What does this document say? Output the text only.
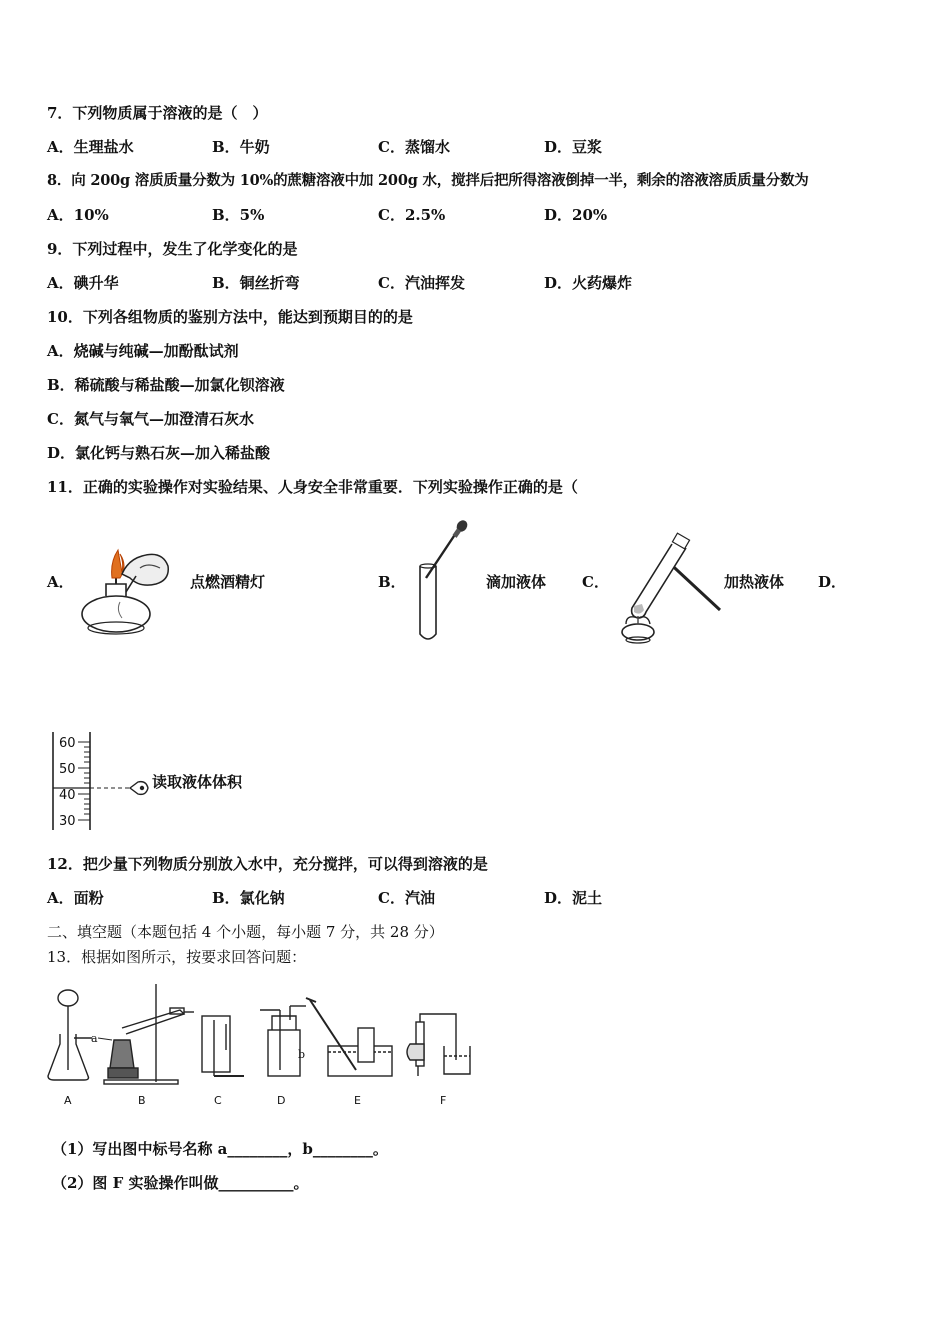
7．下列物质属于溶液的是（　）
A．生理盐水	B．牛奶	C．蒸馏水	D．豆浆
8．向 200g 溶质质量分数为 10%的蔗糖溶液中加 200g 水，搅拌后把所得溶液倒掉一半，剩余的溶液溶质质量分数为
A．10%	B．5%	C．2.5%	D．20%
9．下列过程中，发生了化学变化的是
A．碘升华	B．铜丝折弯	C．汽油挥发	D．火药爆炸
10．下列各组物质的鉴别方法中，能达到预期目的的是
A．烧碱与纯碱—加酚酞试剂
B．稀硫酸与稀盐酸—加氯化钡溶液
C．氮气与氧气—加澄清石灰水
D．氯化钙与熟石灰—加入稀盐酸
11．正确的实验操作对实验结果、人身安全非常重要．下列实验操作正确的是（
A．	点燃酒精灯	B．	滴加液体 C．	加热液体 D．
60
50
40
30
读取液体体积
12．把少量下列物质分别放入水中，充分搅拌，可以得到溶液的是
A．面粉	B．氯化钠	C．汽油	D．泥土
二、填空题（本题包括 4 个小题，每小题 7 分，共 28 分）
13．根据如图所示，按要求回答问题：
a
b
A	B	C	D	E	F
（1）写出图中标号名称 a________，b________。
（2）图 F 实验操作叫做__________。
